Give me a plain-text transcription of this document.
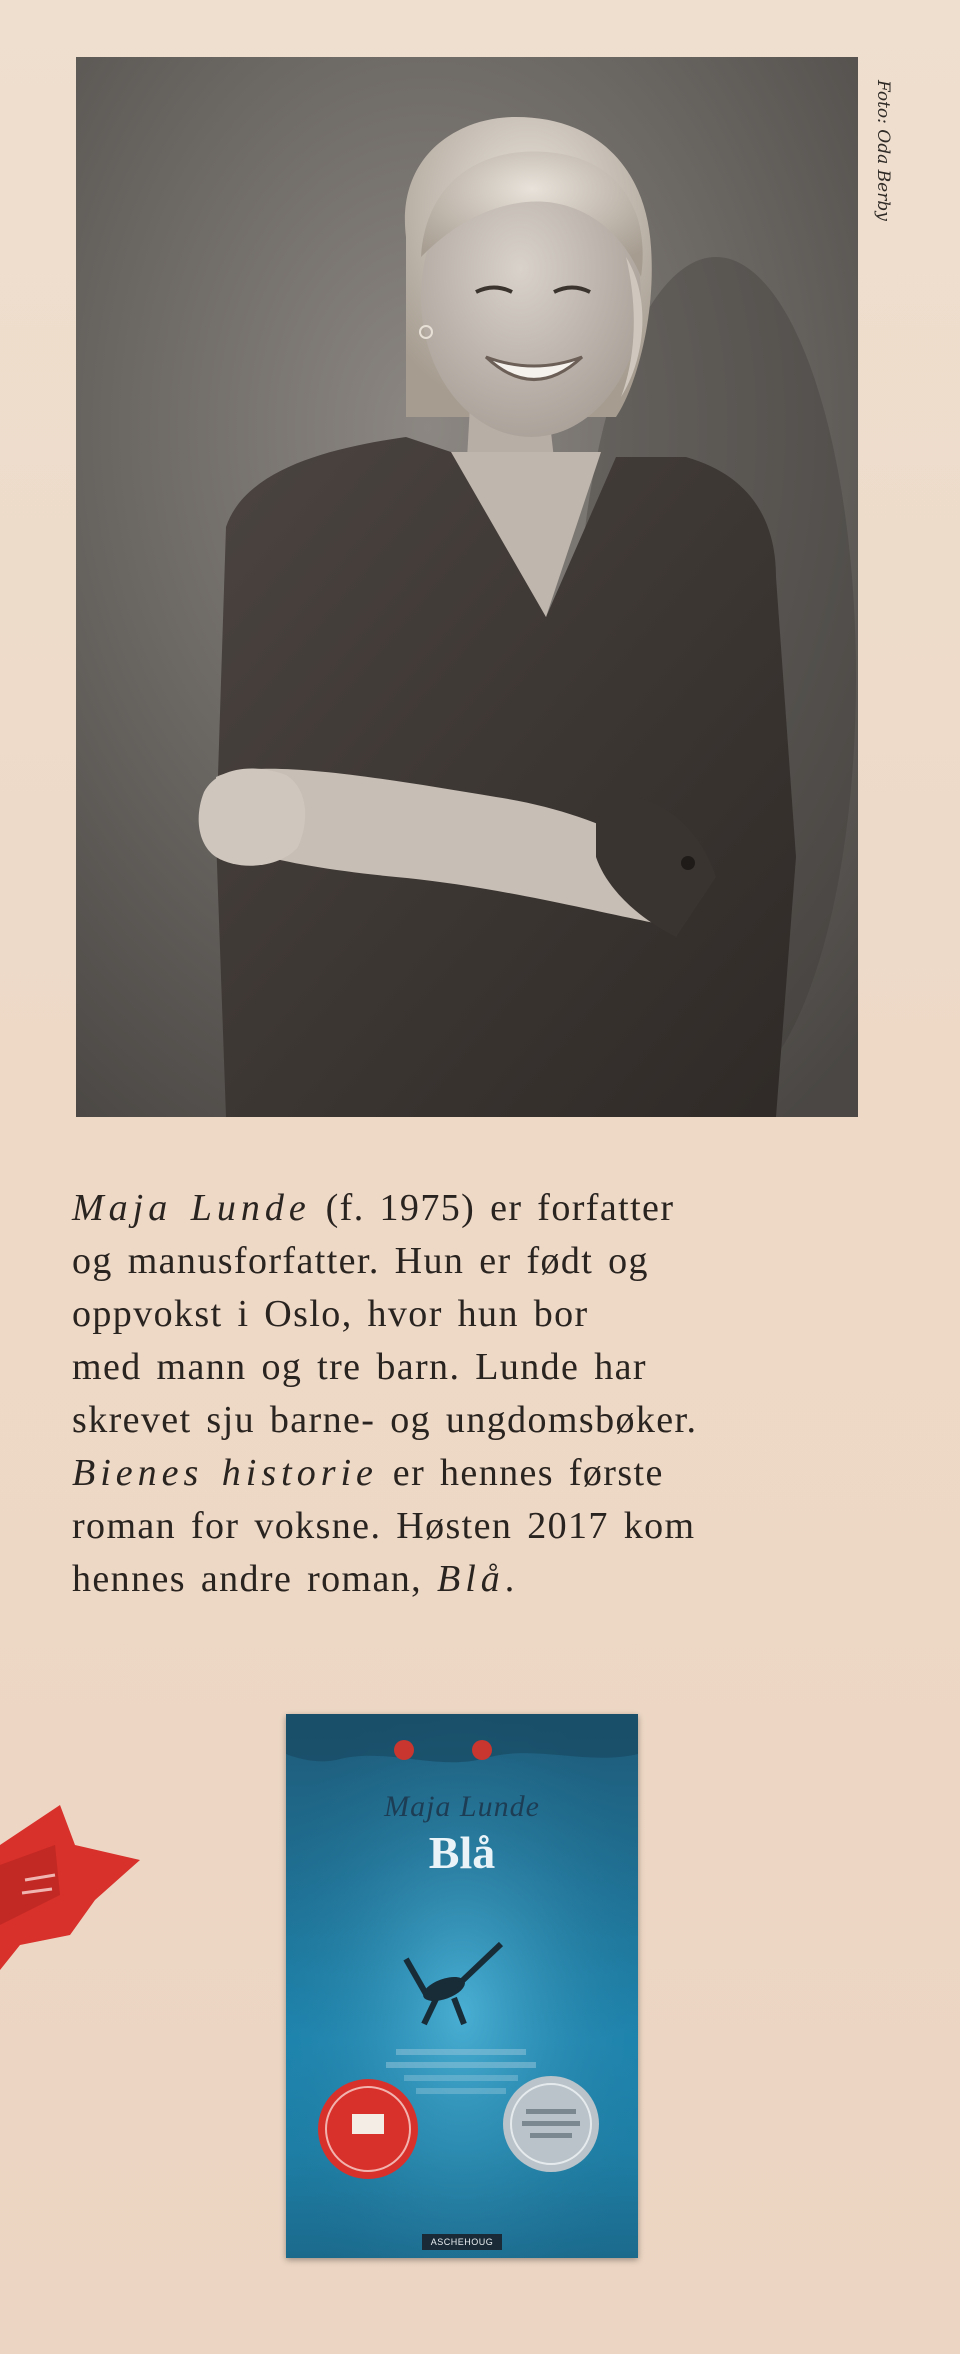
Foto: Oda Berby
Maja Lunde (f. 1975) er forfatter
og manusforfatter. Hun er født og
oppvokst i Oslo, hvor hun bor
med mann og tre barn. Lunde har
skrevet sju barne- og ungdomsbøker.
Bienes historie er hennes første
roman for voksne. Høsten 2017 kom
hennes andre roman, Blå.
Maja Lunde
Blå
ASCHEHOUG
